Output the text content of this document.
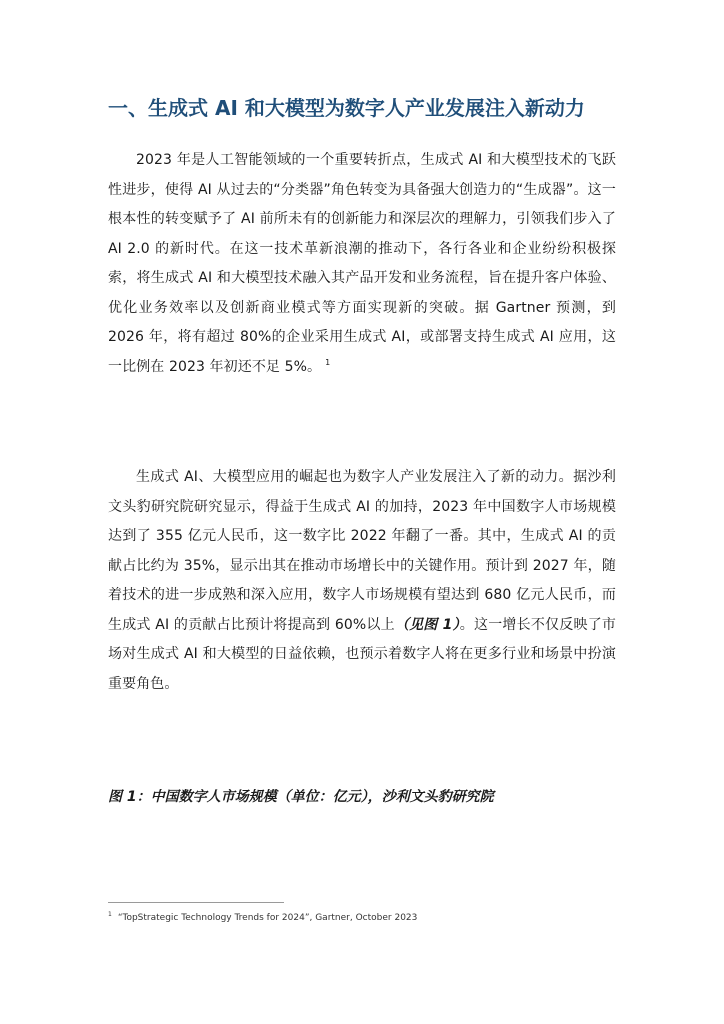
一、生成式 AI 和大模型为数字人产业发展注入新动力

2023 年是人工智能领域的一个重要转折点，生成式 AI 和大模型技术的飞跃性进步，使得 AI 从过去的“分类器”角色转变为具备强大创造力的“生成器”。这一根本性的转变赋予了 AI 前所未有的创新能力和深层次的理解力，引领我们步入了 AI 2.0 的新时代。在这一技术革新浪潮的推动下，各行各业和企业纷纷积极探索，将生成式 AI 和大模型技术融入其产品开发和业务流程，旨在提升客户体验、优化业务效率以及创新商业模式等方面实现新的突破。据 Gartner 预测，到 2026 年，将有超过 80%的企业采用生成式 AI，或部署支持生成式 AI 应用，这一比例在 2023 年初还不足 5%。 $^1$

生成式 AI、大模型应用的崛起也为数字人产业发展注入了新的动力。据沙利文头豹研究院研究显示，得益于生成式 AI 的加持，2023 年中国数字人市场规模达到了 355 亿元人民币，这一数字比 2022 年翻了一番。其中，生成式 AI 的贡献占比约为 35%，显示出其在推动市场增长中的关键作用。预计到 2027 年，随着技术的进一步成熟和深入应用，数字人市场规模有望达到 680 亿元人民币，而生成式 AI 的贡献占比预计将提高到 60%以上（见图 1）。这一增长不仅反映了市场对生成式 AI 和大模型的日益依赖，也预示着数字人将在更多行业和场景中扮演重要角色。

图 1：中国数字人市场规模（单位：亿元），沙利文头豹研究院

$^1$ “TopStrategic Technology Trends for 2024”, Gartner, October 2023
